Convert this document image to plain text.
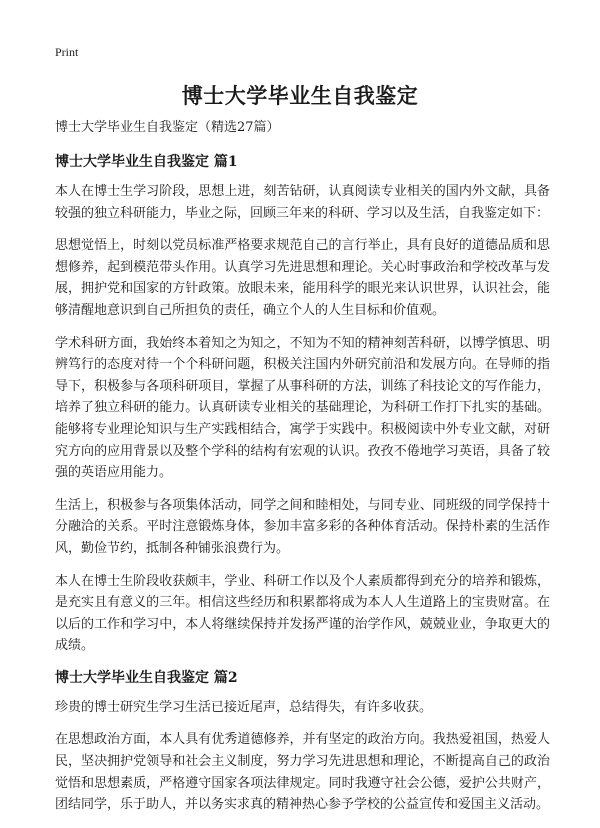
Print
博士大学毕业生自我鉴定

博士大学毕业生自我鉴定（精选27篇）

博士大学毕业生自我鉴定 篇1

本人在博士生学习阶段，思想上进，刻苦钻研，认真阅读专业相关的国内外文献，具备较强的独立科研能力，毕业之际，回顾三年来的科研、学习以及生活，自我鉴定如下：

思想觉悟上，时刻以党员标准严格要求规范自己的言行举止，具有良好的道德品质和思想修养，起到模范带头作用。认真学习先进思想和理论。关心时事政治和学校改革与发展，拥护党和国家的方针政策。放眼未来，能用科学的眼光来认识世界，认识社会，能够清醒地意识到自己所担负的责任，确立个人的人生目标和价值观。

学术科研方面，我始终本着知之为知之，不知为不知的精神刻苦科研，以博学慎思、明辨笃行的态度对待一个个科研问题，积极关注国内外研究前沿和发展方向。在导师的指导下，积极参与各项科研项目，掌握了从事科研的方法，训练了科技论文的写作能力，培养了独立科研的能力。认真研读专业相关的基础理论，为科研工作打下扎实的基础。能够将专业理论知识与生产实践相结合，寓学于实践中。积极阅读中外专业文献，对研究方向的应用背景以及整个学科的结构有宏观的认识。孜孜不倦地学习英语，具备了较强的英语应用能力。

生活上，积极参与各项集体活动，同学之间和睦相处，与同专业、同班级的同学保持十分融洽的关系。平时注意锻炼身体，参加丰富多彩的各种体育活动。保持朴素的生活作风，勤俭节约，抵制各种铺张浪费行为。

本人在博士生阶段收获颇丰，学业、科研工作以及个人素质都得到充分的培养和锻炼，是充实且有意义的三年。相信这些经历和积累都将成为本人人生道路上的宝贵财富。在以后的工作和学习中，本人将继续保持并发扬严谨的治学作风，兢兢业业，争取更大的成绩。

博士大学毕业生自我鉴定 篇2

珍贵的博士研究生学习生活已接近尾声，总结得失，有许多收获。

在思想政治方面，本人具有优秀道德修养，并有坚定的政治方向。我热爱祖国，热爱人民，坚决拥护党领导和社会主义制度，努力学习先进思想和理论，不断提高自己的政治觉悟和思想素质，严格遵守国家各项法律规定。同时我遵守社会公德，爱护公共财产，团结同学，乐于助人，并以务实求真的精神热心参予学校的公益宣传和爱国主义活动。
